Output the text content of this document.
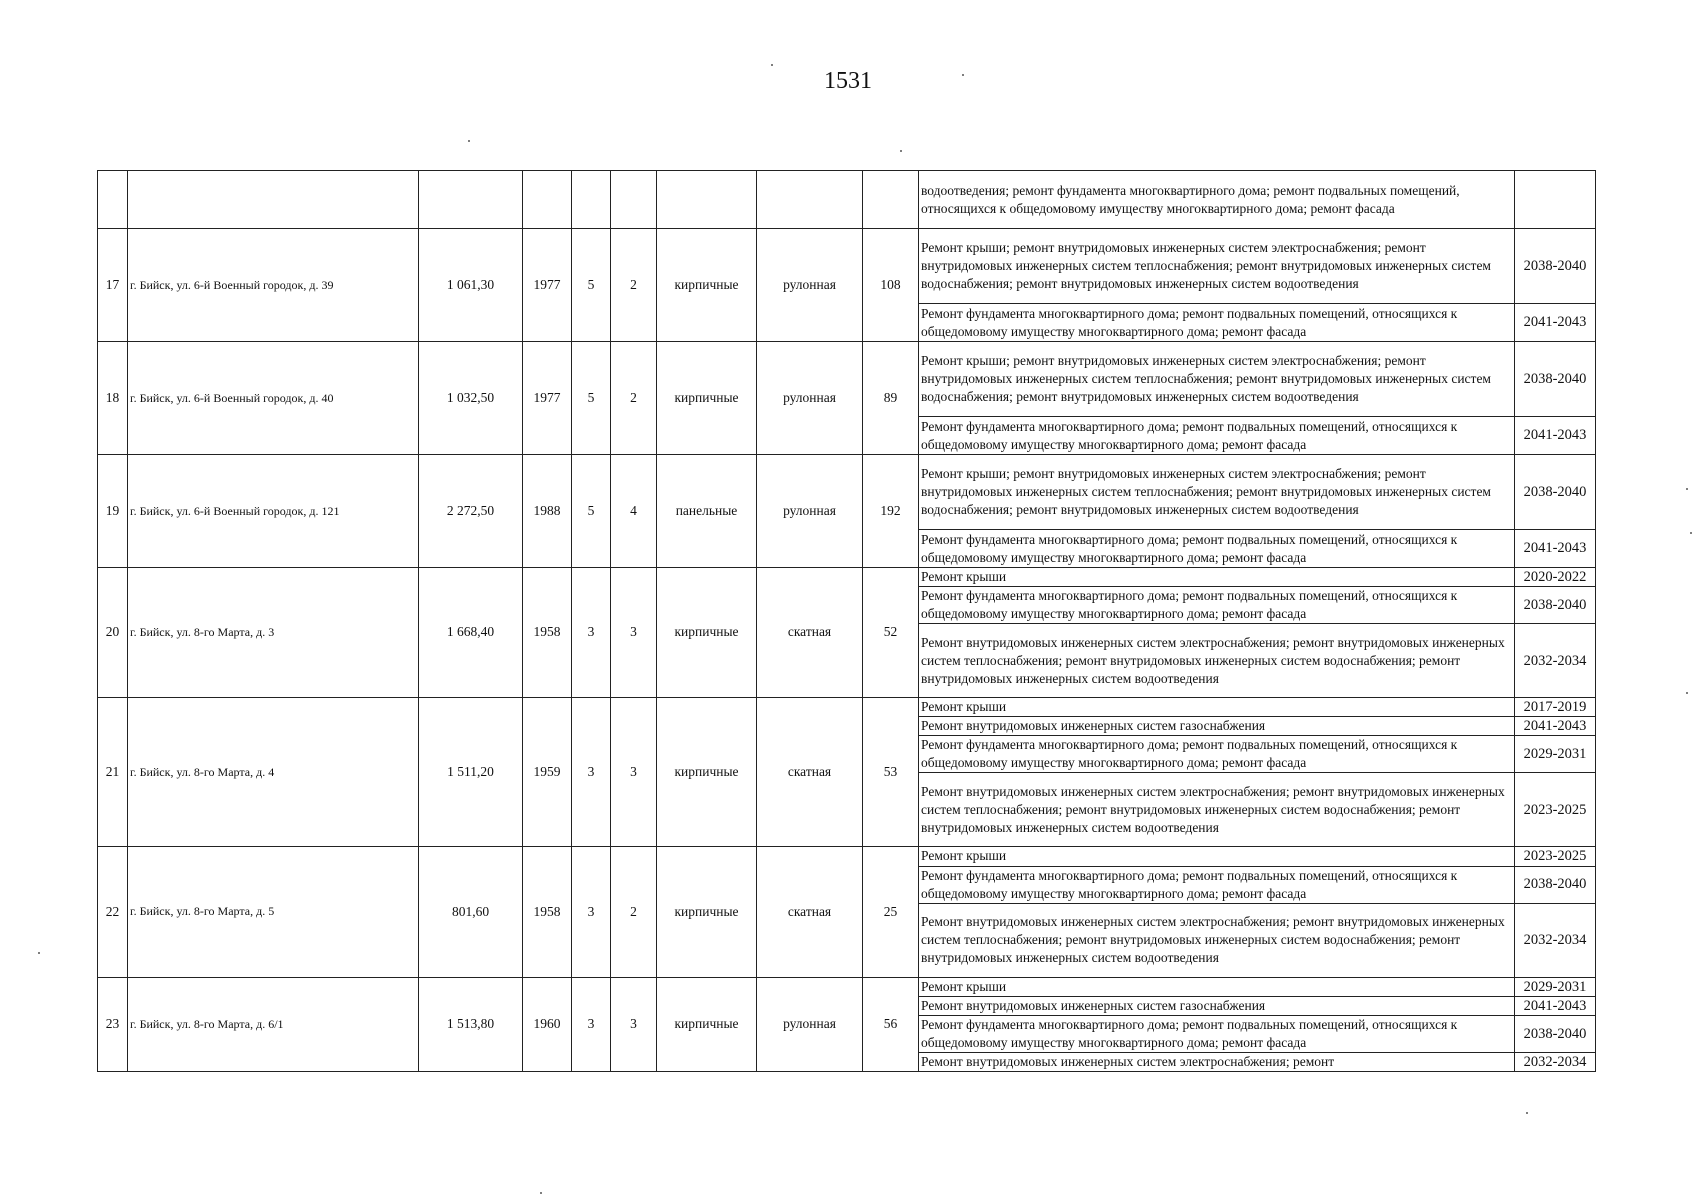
1531
									водоотведения; ремонт фундамента многоквартирного дома; ремонт подвальных помещений, относящихся к общедомовому имуществу многоквартирного дома; ремонт фасада	
17	г. Бийск, ул. 6-й Военный городок, д. 39	1 061,30	1977	5	2	кирпичные	рулонная	108	Ремонт крыши; ремонт внутридомовых инженерных систем электроснабжения; ремонт внутридомовых инженерных систем теплоснабжения; ремонт внутридомовых инженерных систем водоснабжения; ремонт внутридомовых инженерных систем водоотведения	2038-2040
									Ремонт фундамента многоквартирного дома; ремонт подвальных помещений, относящихся к общедомовому имуществу многоквартирного дома; ремонт фасада	2041-2043
18	г. Бийск, ул. 6-й Военный городок, д. 40	1 032,50	1977	5	2	кирпичные	рулонная	89	Ремонт крыши; ремонт внутридомовых инженерных систем электроснабжения; ремонт внутридомовых инженерных систем теплоснабжения; ремонт внутридомовых инженерных систем водоснабжения; ремонт внутридомовых инженерных систем водоотведения	2038-2040
									Ремонт фундамента многоквартирного дома; ремонт подвальных помещений, относящихся к общедомовому имуществу многоквартирного дома; ремонт фасада	2041-2043
19	г. Бийск, ул. 6-й Военный городок, д. 121	2 272,50	1988	5	4	панельные	рулонная	192	Ремонт крыши; ремонт внутридомовых инженерных систем электроснабжения; ремонт внутридомовых инженерных систем теплоснабжения; ремонт внутридомовых инженерных систем водоснабжения; ремонт внутридомовых инженерных систем водоотведения	2038-2040
									Ремонт фундамента многоквартирного дома; ремонт подвальных помещений, относящихся к общедомовому имуществу многоквартирного дома; ремонт фасада	2041-2043
20	г. Бийск, ул. 8-го Марта, д. 3	1 668,40	1958	3	3	кирпичные	скатная	52	Ремонт крыши	2020-2022
									Ремонт фундамента многоквартирного дома; ремонт подвальных помещений, относящихся к общедомовому имуществу многоквартирного дома; ремонт фасада	2038-2040
									Ремонт внутридомовых инженерных систем электроснабжения; ремонт внутридомовых инженерных систем теплоснабжения; ремонт внутридомовых инженерных систем водоснабжения; ремонт внутридомовых инженерных систем водоотведения	2032-2034
21	г. Бийск, ул. 8-го Марта, д. 4	1 511,20	1959	3	3	кирпичные	скатная	53	Ремонт крыши	2017-2019
									Ремонт внутридомовых инженерных систем газоснабжения	2041-2043
									Ремонт фундамента многоквартирного дома; ремонт подвальных помещений, относящихся к общедомовому имуществу многоквартирного дома; ремонт фасада	2029-2031
									Ремонт внутридомовых инженерных систем электроснабжения; ремонт внутридомовых инженерных систем теплоснабжения; ремонт внутридомовых инженерных систем водоснабжения; ремонт внутридомовых инженерных систем водоотведения	2023-2025
22	г. Бийск, ул. 8-го Марта, д. 5	801,60	1958	3	2	кирпичные	скатная	25	Ремонт крыши	2023-2025
									Ремонт фундамента многоквартирного дома; ремонт подвальных помещений, относящихся к общедомовому имуществу многоквартирного дома; ремонт фасада	2038-2040
									Ремонт внутридомовых инженерных систем электроснабжения; ремонт внутридомовых инженерных систем теплоснабжения; ремонт внутридомовых инженерных систем водоснабжения; ремонт внутридомовых инженерных систем водоотведения	2032-2034
23	г. Бийск, ул. 8-го Марта, д. 6/1	1 513,80	1960	3	3	кирпичные	рулонная	56	Ремонт крыши	2029-2031
									Ремонт внутридомовых инженерных систем газоснабжения	2041-2043
									Ремонт фундамента многоквартирного дома; ремонт подвальных помещений, относящихся к общедомовому имуществу многоквартирного дома; ремонт фасада	2038-2040
									Ремонт внутридомовых инженерных систем электроснабжения; ремонт	2032-2034
